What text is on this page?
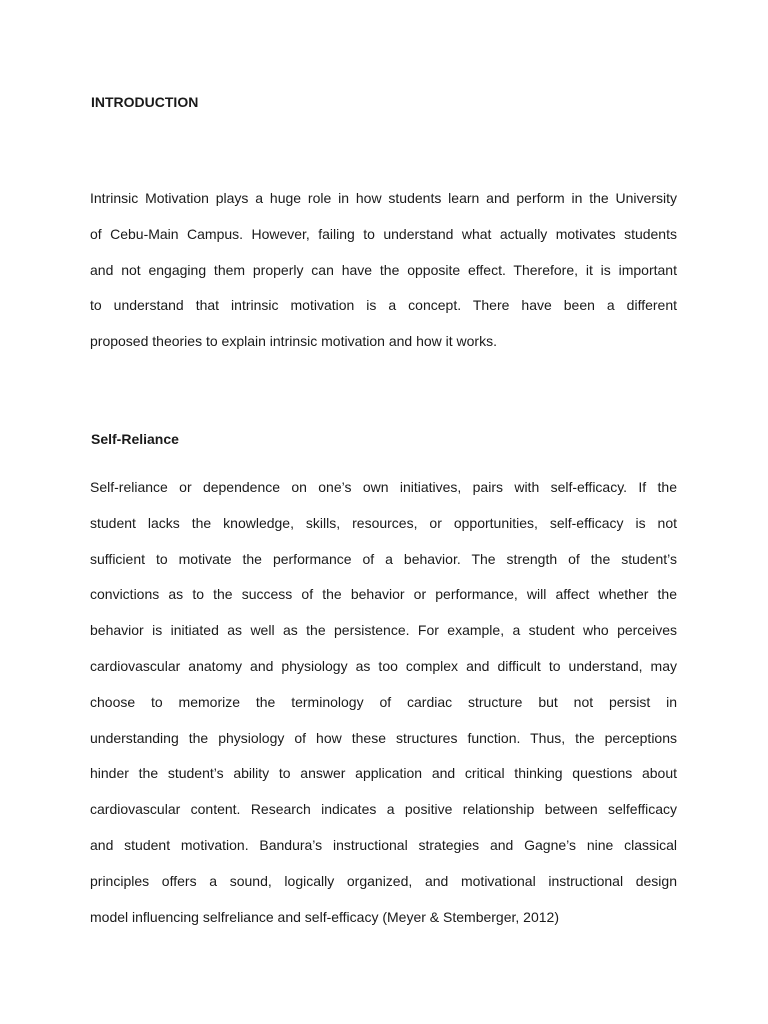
INTRODUCTION
Intrinsic Motivation plays a huge role in how students learn and perform in the University
of Cebu-Main Campus. However, failing to understand what actually motivates students
and not engaging them properly can have the opposite effect. Therefore, it is important
to understand that intrinsic motivation is a concept. There have been a different
proposed theories to explain intrinsic motivation and how it works.
Self-Reliance
Self-reliance or dependence on one’s own initiatives, pairs with self-efficacy. If the
student lacks the knowledge, skills, resources, or opportunities, self-efficacy is not
sufficient to motivate the performance of a behavior. The strength of the student’s
convictions as to the success of the behavior or performance, will affect whether the
behavior is initiated as well as the persistence. For example, a student who perceives
cardiovascular anatomy and physiology as too complex and difficult to understand, may
choose to memorize the terminology of cardiac structure but not persist in
understanding the physiology of how these structures function. Thus, the perceptions
hinder the student’s ability to answer application and critical thinking questions about
cardiovascular content. Research indicates a positive relationship between selfefficacy
and student motivation. Bandura’s instructional strategies and Gagne’s nine classical
principles offers a sound, logically organized, and motivational instructional design
model influencing selfreliance and self-efficacy (Meyer & Stemberger, 2012)
